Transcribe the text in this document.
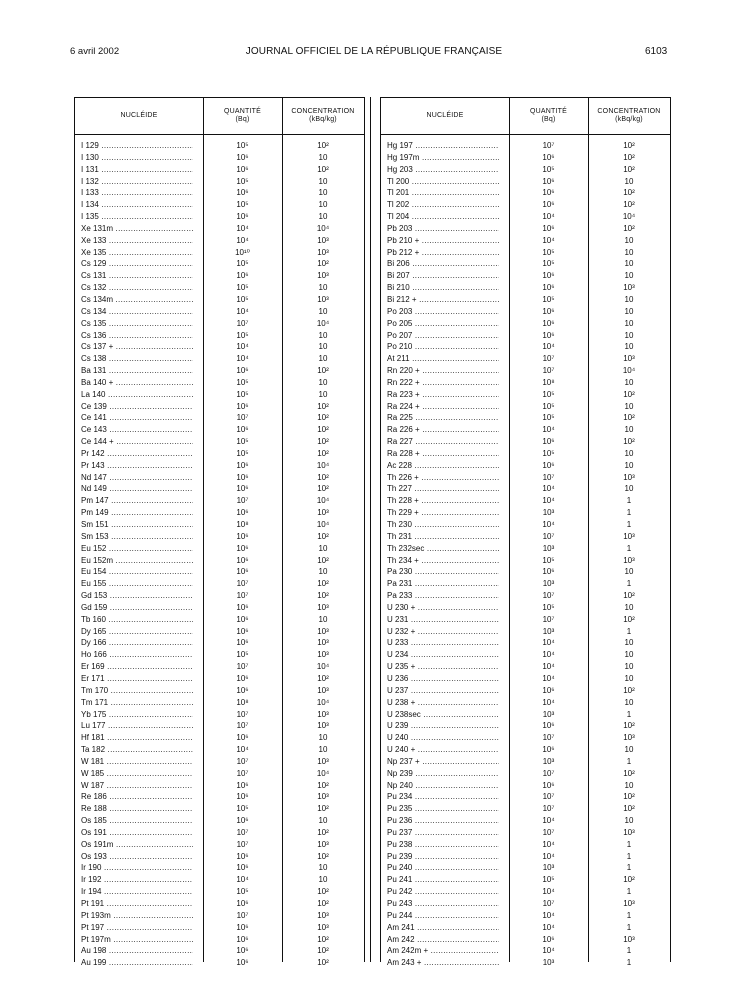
6 avril 2002	JOURNAL OFFICIEL DE LA RÉPUBLIQUE FRANÇAISE	6103
NUCLÉIDE
QUANTITÉ
(Bq)
CONCENTRATION
(kBq/kg)
I 129 .....	10⁵	10²
I 130 .....	10⁶	10
I 131 .....	10⁶	10²
I 132 .....	10⁵	10
I 133 .....	10⁶	10
I 134 .....	10⁵	10
I 135 .....	10⁶	10
Xe 131m .....	10⁴	10⁴
Xe 133 .....	10⁴	10³
Xe 135 .....	10¹⁰	10³
Cs 129 .....	10⁵	10²
Cs 131 .....	10⁶	10³
Cs 132 .....	10⁵	10
Cs 134m .....	10⁵	10³
Cs 134 .....	10⁴	10
Cs 135 .....	10⁷	10⁴
Cs 136 .....	10⁵	10
Cs 137 + .....	10⁴	10
Cs 138 .....	10⁴	10
Ba 131 .....	10⁶	10²
Ba 140 + .....	10⁵	10
La 140 .....	10⁵	10
Ce 139 .....	10⁶	10²
Ce 141 .....	10⁷	10²
Ce 143 .....	10⁶	10²
Ce 144 + .....	10⁵	10²
Pr 142 .....	10⁵	10²
Pr 143 .....	10⁶	10⁴
Nd 147 .....	10⁶	10²
Nd 149 .....	10⁶	10²
Pm 147 .....	10⁷	10⁴
Pm 149 .....	10⁶	10³
Sm 151 .....	10⁸	10⁴
Sm 153 .....	10⁶	10²
Eu 152 .....	10⁶	10
Eu 152m .....	10⁶	10²
Eu 154 .....	10⁶	10
Eu 155 .....	10⁷	10²
Gd 153 .....	10⁷	10²
Gd 159 .....	10⁶	10³
Tb 160 .....	10⁶	10
Dy 165 .....	10⁶	10³
Dy 166 .....	10⁶	10³
Ho 166 .....	10⁵	10³
Er 169 .....	10⁷	10⁴
Er 171 .....	10⁶	10²
Tm 170 .....	10⁶	10³
Tm 171 .....	10⁸	10⁴
Yb 175 .....	10⁷	10³
Lu 177 .....	10⁷	10³
Hf 181 .....	10⁶	10
Ta 182 .....	10⁴	10
W 181 .....	10⁷	10³
W 185 .....	10⁷	10⁴
W 187 .....	10⁶	10²
Re 186 .....	10⁶	10³
Re 188 .....	10⁵	10²
Os 185 .....	10⁶	10
Os 191 .....	10⁷	10²
Os 191m .....	10⁷	10³
Os 193 .....	10⁶	10²
Ir 190 .....	10⁶	10
Ir 192 .....	10⁴	10
Ir 194 .....	10⁵	10²
Pt 191 .....	10⁶	10²
Pt 193m .....	10⁷	10³
Pt 197 .....	10⁶	10³
Pt 197m .....	10⁶	10²
Au 198 .....	10⁶	10²
Au 199 .....	10⁶	10²
NUCLÉIDE
QUANTITÉ
(Bq)
CONCENTRATION
(kBq/kg)
Hg 197 .....	10⁷	10²
Hg 197m .....	10⁶	10²
Hg 203 .....	10⁵	10²
Tl 200 .....	10⁶	10
Tl 201 .....	10⁶	10²
Tl 202 .....	10⁶	10²
Tl 204 .....	10⁴	10⁴
Pb 203 .....	10⁶	10²
Pb 210 + .....	10⁴	10
Pb 212 + .....	10⁵	10
Bi 206 .....	10⁵	10
Bi 207 .....	10⁶	10
Bi 210 .....	10⁶	10³
Bi 212 + .....	10⁵	10
Po 203 .....	10⁶	10
Po 205 .....	10⁶	10
Po 207 .....	10⁶	10
Po 210 .....	10⁴	10
At 211 .....	10⁷	10³
Rn 220 + .....	10⁷	10⁴
Rn 222 + .....	10⁸	10
Ra 223 + .....	10⁵	10²
Ra 224 + .....	10⁵	10
Ra 225 .....	10⁵	10²
Ra 226 + .....	10⁴	10
Ra 227 .....	10⁶	10²
Ra 228 + .....	10⁵	10
Ac 228 .....	10⁶	10
Th 226 + .....	10⁷	10³
Th 227 .....	10⁴	10
Th 228 + .....	10⁴	1
Th 229 + .....	10³	1
Th 230 .....	10⁴	1
Th 231 .....	10⁷	10³
Th 232sec .....	10³	1
Th 234 + .....	10⁵	10³
Pa 230 .....	10⁶	10
Pa 231 .....	10³	1
Pa 233 .....	10⁷	10²
U 230 + .....	10⁵	10
U 231 .....	10⁷	10²
U 232 + .....	10³	1
U 233 .....	10⁴	10
U 234 .....	10⁴	10
U 235 + .....	10⁴	10
U 236 .....	10⁴	10
U 237 .....	10⁶	10²
U 238 + .....	10⁴	10
U 238sec .....	10³	1
U 239 .....	10⁶	10²
U 240 .....	10⁷	10³
U 240 + .....	10⁶	10
Np 237 + .....	10³	1
Np 239 .....	10⁷	10²
Np 240 .....	10⁶	10
Pu 234 .....	10⁷	10²
Pu 235 .....	10⁷	10²
Pu 236 .....	10⁴	10
Pu 237 .....	10⁷	10³
Pu 238 .....	10⁴	1
Pu 239 .....	10⁴	1
Pu 240 .....	10³	1
Pu 241 .....	10⁵	10²
Pu 242 .....	10⁴	1
Pu 243 .....	10⁷	10³
Pu 244 .....	10⁴	1
Am 241 .....	10⁴	1
Am 242 .....	10⁶	10³
Am 242m + .....	10⁴	1
Am 243 + .....	10³	1
